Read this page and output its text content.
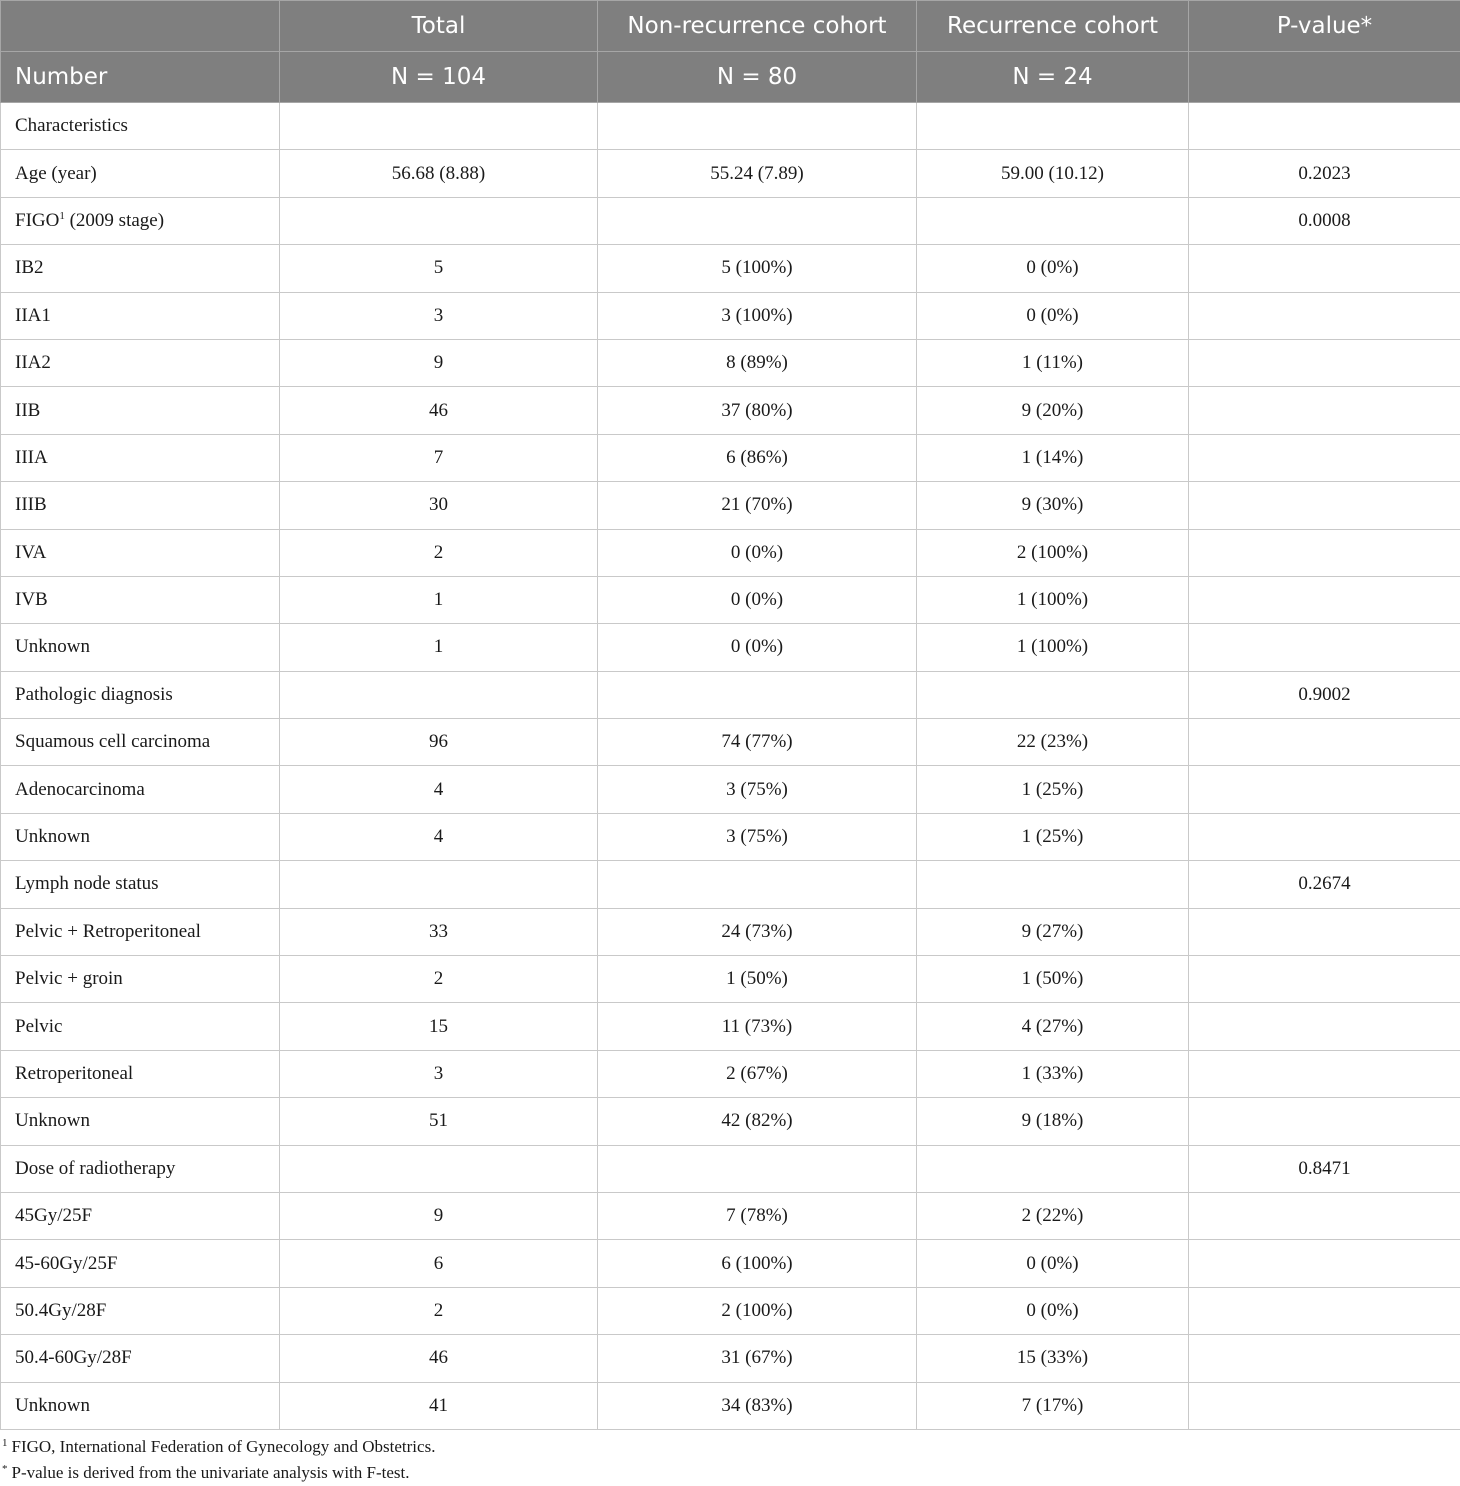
	Total	Non-recurrence cohort	Recurrence cohort	P-value*
Number	N = 104	N = 80	N = 24	
Characteristics				
Age (year)	56.68 (8.88)	55.24 (7.89)	59.00 (10.12)	0.2023
FIGO$^1$ (2009 stage)				0.0008
IB2	5	5 (100%)	0 (0%)	
IIA1	3	3 (100%)	0 (0%)	
IIA2	9	8 (89%)	1 (11%)	
IIB	46	37 (80%)	9 (20%)	
IIIA	7	6 (86%)	1 (14%)	
IIIB	30	21 (70%)	9 (30%)	
IVA	2	0 (0%)	2 (100%)	
IVB	1	0 (0%)	1 (100%)	
Unknown	1	0 (0%)	1 (100%)	
Pathologic diagnosis				0.9002
Squamous cell carcinoma	96	74 (77%)	22 (23%)	
Adenocarcinoma	4	3 (75%)	1 (25%)	
Unknown	4	3 (75%)	1 (25%)	
Lymph node status				0.2674
Pelvic + Retroperitoneal	33	24 (73%)	9 (27%)	
Pelvic + groin	2	1 (50%)	1 (50%)	
Pelvic	15	11 (73%)	4 (27%)	
Retroperitoneal	3	2 (67%)	1 (33%)	
Unknown	51	42 (82%)	9 (18%)	
Dose of radiotherapy				0.8471
45Gy/25F	9	7 (78%)	2 (22%)	
45-60Gy/25F	6	6 (100%)	0 (0%)	
50.4Gy/28F	2	2 (100%)	0 (0%)	
50.4-60Gy/28F	46	31 (67%)	15 (33%)	
Unknown	41	34 (83%)	7 (17%)	
$^1$ FIGO, International Federation of Gynecology and Obstetrics.
* P-value is derived from the univariate analysis with F-test.
